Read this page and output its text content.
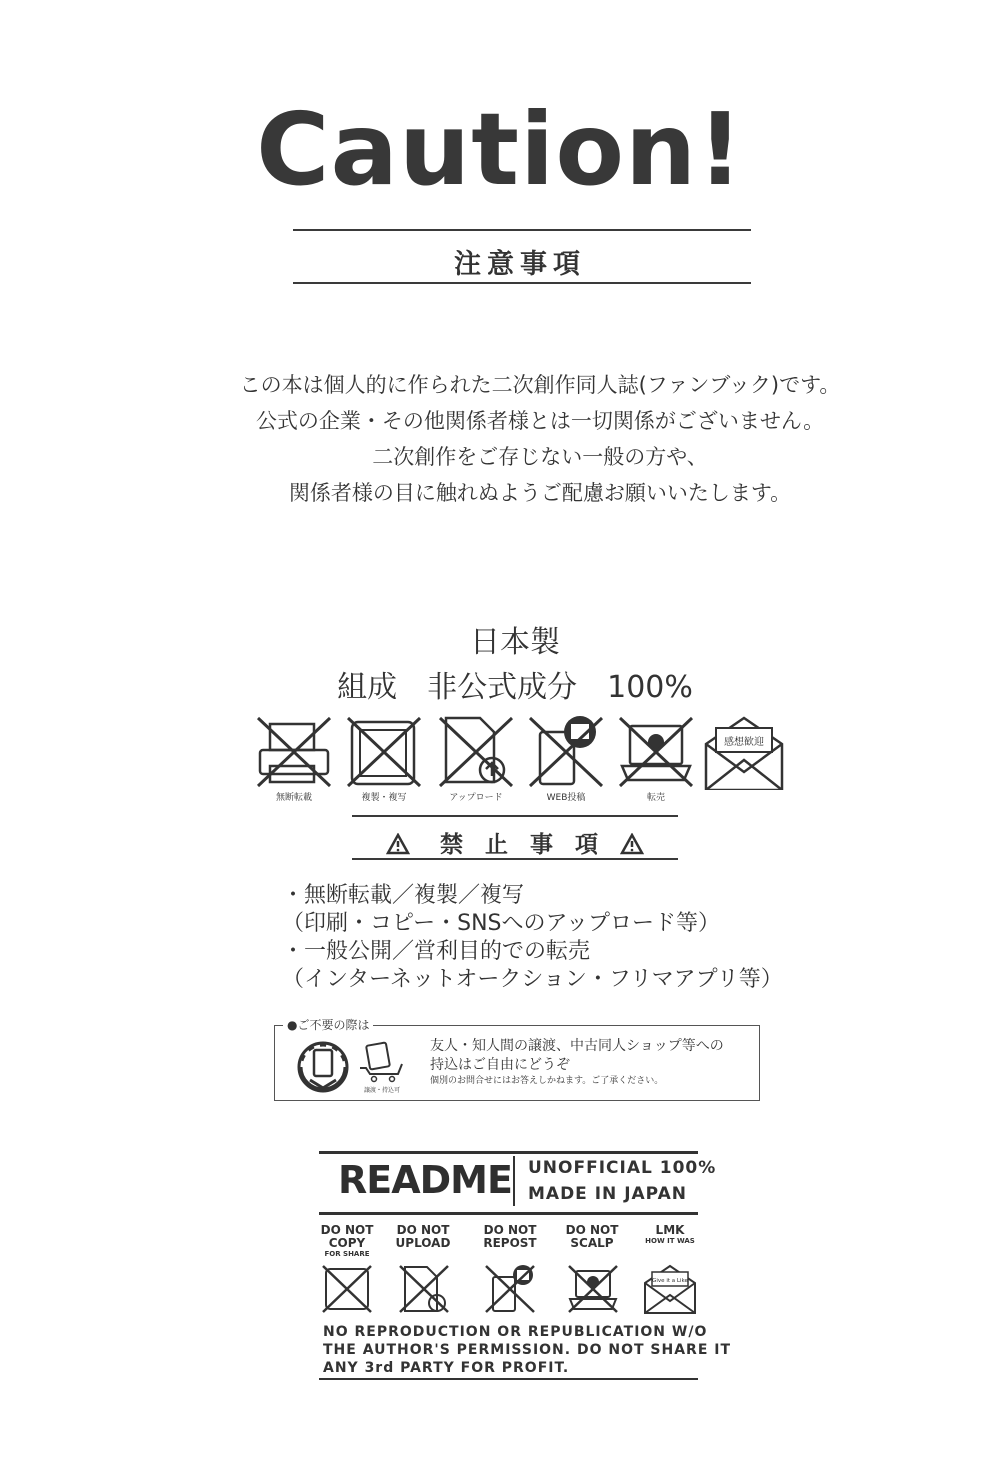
Caution!
注意事項
この本は個人的に作られた二次創作同人誌(ファンブック)です。
公式の企業・その他関係者様とは一切関係がございません。
二次創作をご存じない一般の方や、
関係者様の目に触れぬようご配慮お願いいたします。
日本製
組成　非公式成分　100%
無断転載	複製・複写	アップロード	WEB投稿	転売
感想歓迎
禁止事項
・無断転載／複製／複写
（印刷・コピー・SNSへのアップロード等）
・一般公開／営利目的での転売
（インターネットオークション・フリマアプリ等）
●ご不要の際は
譲渡・持込可
友人・知人間の譲渡、中古同人ショップ等への
持込はご自由にどうぞ
個別のお問合せにはお答えしかねます。ご了承ください。
README UNOFFICIAL 100%
MADE IN JAPAN
DO NOT
COPY
FOR SHARE
DO NOT
UPLOAD
DO NOT
REPOST
DO NOT
SCALP
LMK
HOW IT WAS
Give it a Like
NO REPRODUCTION OR REPUBLICATION W/O
THE AUTHOR'S PERMISSION. DO NOT SHARE IT
ANY 3rd PARTY FOR PROFIT.
